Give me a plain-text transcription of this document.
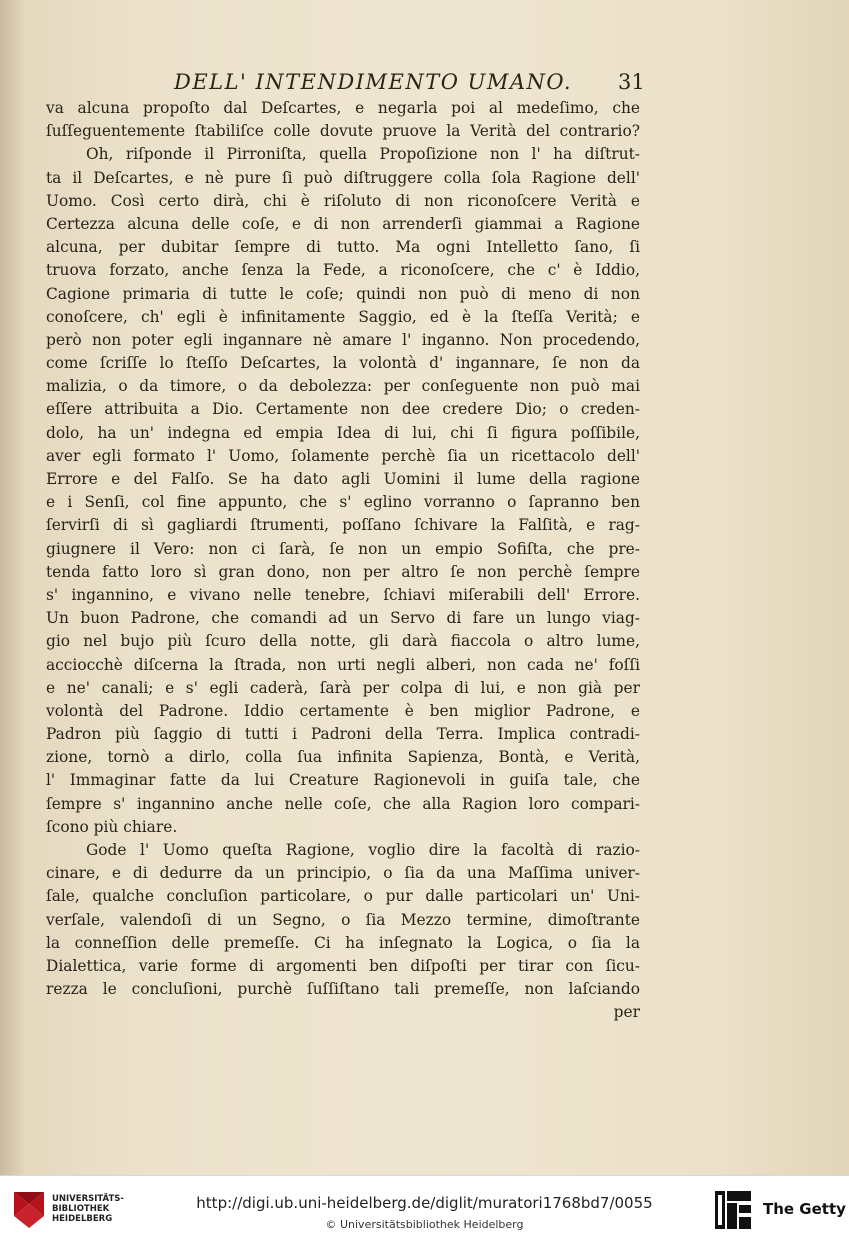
DELL' INTENDIMENTO UMANO. 31
va alcuna propoſto dal Deſcartes, e negarla poi al medeſimo, che
ſuſſeguentemente ſtabiliſce colle dovute pruove la Verità del contrario?
Oh, riſponde il Pirroniſta, quella Propoſizione non l' ha diſtrut-
ta il Deſcartes, e nè pure ſi può diſtruggere colla ſola Ragione dell'
Uomo. Così certo dirà, chi è riſoluto di non riconoſcere Verità e
Certezza alcuna delle coſe, e di non arrenderſi giammai a Ragione
alcuna, per dubitar ſempre di tutto. Ma ogni Intelletto ſano, ſi
truova forzato, anche ſenza la Fede, a riconoſcere, che c' è Iddio,
Cagione primaria di tutte le coſe; quindi non può di meno di non
conoſcere, ch' egli è infinitamente Saggio, ed è la ſteſſa Verità; e
però non poter egli ingannare nè amare l' inganno. Non procedendo,
come ſcriſſe lo ſteſſo Deſcartes, la volontà d' ingannare, ſe non da
malizia, o da timore, o da debolezza: per conſeguente non può mai
eſſere attribuita a Dio. Certamente non dee credere Dio; o creden-
dolo, ha un' indegna ed empia Idea di lui, chi ſi figura poſſibile,
aver egli formato l' Uomo, ſolamente perchè ſia un ricettacolo dell'
Errore e del Falſo. Se ha dato agli Uomini il lume della ragione
e i Senſi, col fine appunto, che s' eglino vorranno o ſapranno ben
ſervirſi di sì gagliardi ſtrumenti, poſſano ſchivare la Falſità, e rag-
giugnere il Vero: non ci ſarà, ſe non un empio Sofiſta, che pre-
tenda fatto loro sì gran dono, non per altro ſe non perchè ſempre
s' ingannino, e vivano nelle tenebre, ſchiavi miſerabili dell' Errore.
Un buon Padrone, che comandi ad un Servo di fare un lungo viag-
gio nel bujo più ſcuro della notte, gli darà fiaccola o altro lume,
acciocchè diſcerna la ſtrada, non urti negli alberi, non cada ne' foſſi
e ne' canali; e s' egli caderà, ſarà per colpa di lui, e non già per
volontà del Padrone. Iddio certamente è ben miglior Padrone, e
Padron più ſaggio di tutti i Padroni della Terra. Implica contradi-
zione, tornò a dirlo, colla ſua infinita Sapienza, Bontà, e Verità,
l' Immaginar fatte da lui Creature Ragionevoli in guiſa tale, che
ſempre s' ingannino anche nelle coſe, che alla Ragion loro compari-
ſcono più chiare.
Gode l' Uomo queſta Ragione, voglio dire la facoltà di razio-
cinare, e di dedurre da un principio, o ſia da una Maſſima univer-
ſale, qualche concluſion particolare, o pur dalle particolari un' Uni-
verſale, valendoſi di un Segno, o ſia Mezzo termine, dimoſtrante
la conneſſion delle premeſſe. Ci ha inſegnato la Logica, o ſia la
Dialettica, varie forme di argomenti ben diſpoſti per tirar con ſicu-
rezza le concluſioni, purchè ſuſſiſtano tali premeſſe, non laſciando
per
UNIVERSITÄTS-
BIBLIOTHEK
HEIDELBERG
http://digi.ub.uni-heidelberg.de/diglit/muratori1768bd7/0055
© Universitätsbibliothek Heidelberg
The Getty
